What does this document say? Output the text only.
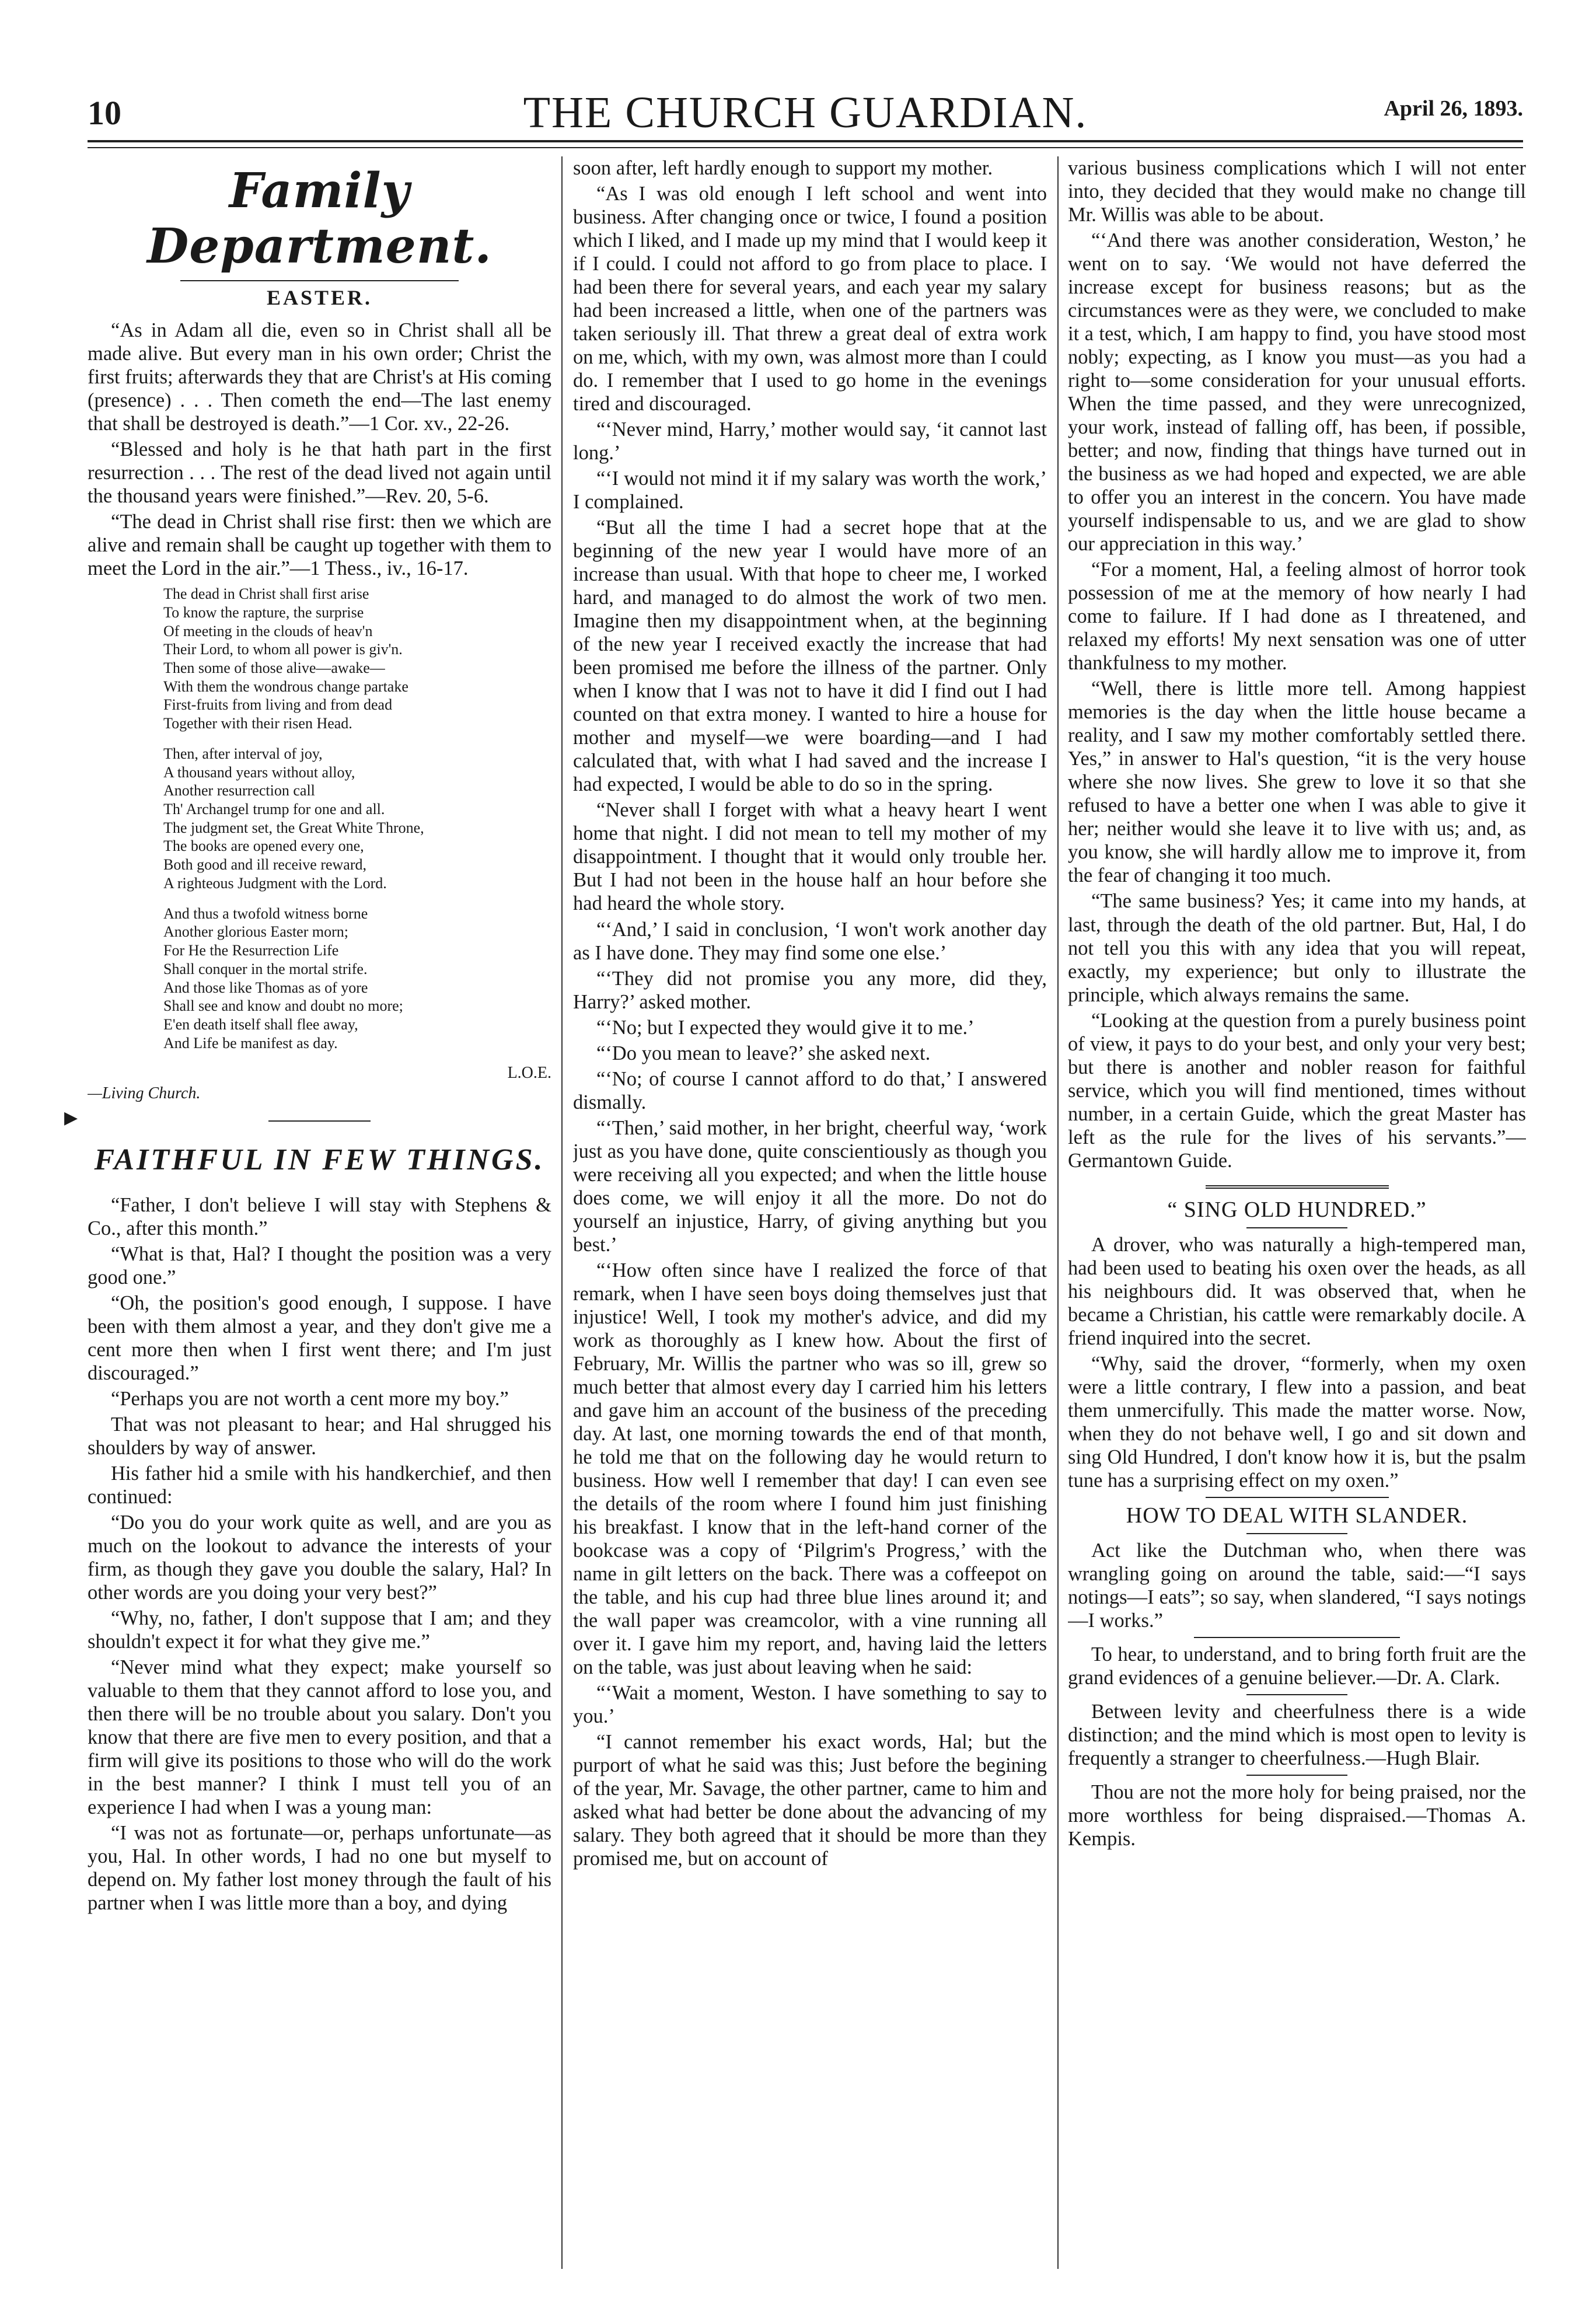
10	THE CHURCH GUARDIAN.	April 26, 1893.
▶
Family Department.
EASTER.

“As in Adam all die, even so in Christ shall all be made alive. But every man in his own order; Christ the first fruits; afterwards they that are Christ's at His coming (presence) . . . Then cometh the end—The last enemy that shall be destroyed is death.”—1 Cor. xv., 22-26.

“Blessed and holy is he that hath part in the first resurrection . . . The rest of the dead lived not again until the thousand years were finished.”—Rev. 20, 5-6.

“The dead in Christ shall rise first: then we which are alive and remain shall be caught up together with them to meet the Lord in the air.”—1 Thess., iv., 16-17.

The dead in Christ shall first arise
To know the rapture, the surprise
Of meeting in the clouds of heav'n
Their Lord, to whom all power is giv'n.
Then some of those alive—awake—
With them the wondrous change partake
First-fruits from living and from dead
Together with their risen Head.
Then, after interval of joy,
A thousand years without alloy,
Another resurrection call
Th' Archangel trump for one and all.
The judgment set, the Great White Throne,
The books are opened every one,
Both good and ill receive reward,
A righteous Judgment with the Lord.
And thus a twofold witness borne
Another glorious Easter morn;
For He the Resurrection Life
Shall conquer in the mortal strife.
And those like Thomas as of yore
Shall see and know and doubt no more;
E'en death itself shall flee away,
And Life be manifest as day.
L.O.E.

—Living Church.

FAITHFUL IN FEW THINGS.

“Father, I don't believe I will stay with Stephens & Co., after this month.”

“What is that, Hal? I thought the position was a very good one.”

“Oh, the position's good enough, I suppose. I have been with them almost a year, and they don't give me a cent more then when I first went there; and I'm just discouraged.”

“Perhaps you are not worth a cent more my boy.”

That was not pleasant to hear; and Hal shrugged his shoulders by way of answer.

His father hid a smile with his handkerchief, and then continued:

“Do you do your work quite as well, and are you as much on the lookout to advance the interests of your firm, as though they gave you double the salary, Hal? In other words are you doing your very best?”

“Why, no, father, I don't suppose that I am; and they shouldn't expect it for what they give me.”

“Never mind what they expect; make yourself so valuable to them that they cannot afford to lose you, and then there will be no trouble about you salary. Don't you know that there are five men to every position, and that a firm will give its positions to those who will do the work in the best manner? I think I must tell you of an experience I had when I was a young man:

“I was not as fortunate—or, perhaps unfortunate—as you, Hal. In other words, I had no one but myself to depend on. My father lost money through the fault of his partner when I was little more than a boy, and dying

soon after, left hardly enough to support my mother.

“As I was old enough I left school and went into business. After changing once or twice, I found a position which I liked, and I made up my mind that I would keep it if I could. I could not afford to go from place to place. I had been there for several years, and each year my salary had been increased a little, when one of the partners was taken seriously ill. That threw a great deal of extra work on me, which, with my own, was almost more than I could do. I remember that I used to go home in the evenings tired and discouraged.

“‘Never mind, Harry,’ mother would say, ‘it cannot last long.’

“‘I would not mind it if my salary was worth the work,’ I complained.

“But all the time I had a secret hope that at the beginning of the new year I would have more of an increase than usual. With that hope to cheer me, I worked hard, and managed to do almost the work of two men. Imagine then my disappointment when, at the beginning of the new year I received exactly the increase that had been promised me before the illness of the partner. Only when I know that I was not to have it did I find out I had counted on that extra money. I wanted to hire a house for mother and myself—we were boarding—and I had calculated that, with what I had saved and the increase I had expected, I would be able to do so in the spring.

“Never shall I forget with what a heavy heart I went home that night. I did not mean to tell my mother of my disappointment. I thought that it would only trouble her. But I had not been in the house half an hour before she had heard the whole story.

“‘And,’ I said in conclusion, ‘I won't work another day as I have done. They may find some one else.’

“‘They did not promise you any more, did they, Harry?’ asked mother.

“‘No; but I expected they would give it to me.’

“‘Do you mean to leave?’ she asked next.

“‘No; of course I cannot afford to do that,’ I answered dismally.

“‘Then,’ said mother, in her bright, cheerful way, ‘work just as you have done, quite conscientiously as though you were receiving all you expected; and when the little house does come, we will enjoy it all the more. Do not do yourself an injustice, Harry, of giving anything but you best.’

“‘How often since have I realized the force of that remark, when I have seen boys doing themselves just that injustice! Well, I took my mother's advice, and did my work as thoroughly as I knew how. About the first of February, Mr. Willis the partner who was so ill, grew so much better that almost every day I carried him his letters and gave him an account of the business of the preceding day. At last, one morning towards the end of that month, he told me that on the following day he would return to business. How well I remember that day! I can even see the details of the room where I found him just finishing his breakfast. I know that in the left-hand corner of the bookcase was a copy of ‘Pilgrim's Progress,’ with the name in gilt letters on the back. There was a coffeepot on the table, and his cup had three blue lines around it; and the wall paper was creamcolor, with a vine running all over it. I gave him my report, and, having laid the letters on the table, was just about leaving when he said:

“‘Wait a moment, Weston. I have something to say to you.’

“I cannot remember his exact words, Hal; but the purport of what he said was this; Just before the begining of the year, Mr. Savage, the other partner, came to him and asked what had better be done about the advancing of my salary. They both agreed that it should be more than they promised me, but on account of

various business complications which I will not enter into, they decided that they would make no change till Mr. Willis was able to be about.

“‘And there was another consideration, Weston,’ he went on to say. ‘We would not have deferred the increase except for business reasons; but as the circumstances were as they were, we concluded to make it a test, which, I am happy to find, you have stood most nobly; expecting, as I know you must—as you had a right to—some consideration for your unusual efforts. When the time passed, and they were unrecognized, your work, instead of falling off, has been, if possible, better; and now, finding that things have turned out in the business as we had hoped and expected, we are able to offer you an interest in the concern. You have made yourself indispensable to us, and we are glad to show our appreciation in this way.’

“For a moment, Hal, a feeling almost of horror took possession of me at the memory of how nearly I had come to failure. If I had done as I threatened, and relaxed my efforts! My next sensation was one of utter thankfulness to my mother.

“Well, there is little more tell. Among happiest memories is the day when the little house became a reality, and I saw my mother comfortably settled there. Yes,” in answer to Hal's question, “it is the very house where she now lives. She grew to love it so that she refused to have a better one when I was able to give it her; neither would she leave it to live with us; and, as you know, she will hardly allow me to improve it, from the fear of changing it too much.

“The same business? Yes; it came into my hands, at last, through the death of the old partner. But, Hal, I do not tell you this with any idea that you will repeat, exactly, my experience; but only to illustrate the principle, which always remains the same.

“Looking at the question from a purely business point of view, it pays to do your best, and only your very best; but there is another and nobler reason for faithful service, which you will find mentioned, times without number, in a certain Guide, which the great Master has left as the rule for the lives of his servants.”—Germantown Guide.

“ SING OLD HUNDRED.”

A drover, who was naturally a high-tempered man, had been used to beating his oxen over the heads, as all his neighbours did. It was observed that, when he became a Christian, his cattle were remarkably docile. A friend inquired into the secret.

“Why, said the drover, “formerly, when my oxen were a little contrary, I flew into a passion, and beat them unmercifully. This made the matter worse. Now, when they do not behave well, I go and sit down and sing Old Hundred, I don't know how it is, but the psalm tune has a surprising effect on my oxen.”

HOW TO DEAL WITH SLANDER.

Act like the Dutchman who, when there was wrangling going on around the table, said:—“I says notings—I eats”; so say, when slandered, “I says notings—I works.”

To hear, to understand, and to bring forth fruit are the grand evidences of a genuine believer.—Dr. A. Clark.

Between levity and cheerfulness there is a wide distinction; and the mind which is most open to levity is frequently a stranger to cheerfulness.—Hugh Blair.

Thou are not the more holy for being praised, nor the more worthless for being dispraised.—Thomas A. Kempis.
